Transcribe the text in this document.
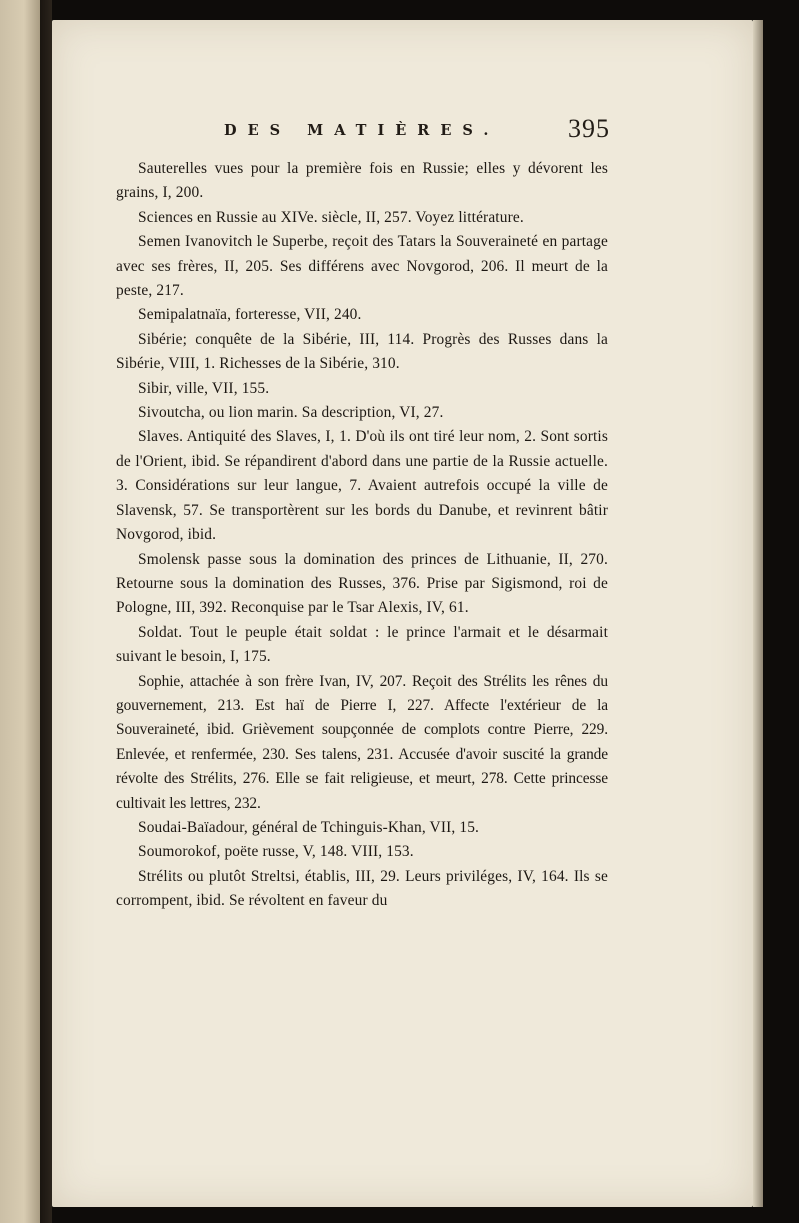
DES MATIÈRES.	395

Sauterelles vues pour la première fois en Russie; elles y dévorent les grains, I, 200.

Sciences en Russie au XIVe. siècle, II, 257. Voyez littérature.

Semen Ivanovitch le Superbe, reçoit des Tatars la Souveraineté en partage avec ses frères, II, 205. Ses différens avec Novgorod, 206. Il meurt de la peste, 217.

Semipalatnaïa, forteresse, VII, 240.

Sibérie; conquête de la Sibérie, III, 114. Progrès des Russes dans la Sibérie, VIII, 1. Richesses de la Sibérie, 310.

Sibir, ville, VII, 155.

Sivoutcha, ou lion marin. Sa description, VI, 27.

Slaves. Antiquité des Slaves, I, 1. D'où ils ont tiré leur nom, 2. Sont sortis de l'Orient, ibid. Se répandirent d'abord dans une partie de la Russie actuelle. 3. Considérations sur leur langue, 7. Avaient autrefois occupé la ville de Slavensk, 57. Se transportèrent sur les bords du Danube, et revinrent bâtir Novgorod, ibid.

Smolensk passe sous la domination des princes de Lithuanie, II, 270. Retourne sous la domination des Russes, 376. Prise par Sigismond, roi de Pologne, III, 392. Reconquise par le Tsar Alexis, IV, 61.

Soldat. Tout le peuple était soldat : le prince l'armait et le désarmait suivant le besoin, I, 175.

Sophie, attachée à son frère Ivan, IV, 207. Reçoit des Strélits les rênes du gouvernement, 213. Est haï de Pierre I, 227. Affecte l'extérieur de la Souveraineté, ibid. Grièvement soupçonnée de complots contre Pierre, 229. Enlevée, et renfermée, 230. Ses talens, 231. Accusée d'avoir suscité la grande révolte des Strélits, 276. Elle se fait religieuse, et meurt, 278. Cette princesse cultivait les lettres, 232.

Soudai-Baïadour, général de Tchinguis-Khan, VII, 15.

Soumorokof, poëte russe, V, 148. VIII, 153.

Strélits ou plutôt Streltsi, établis, III, 29. Leurs priviléges, IV, 164. Ils se corrompent, ibid. Se révoltent en faveur du
